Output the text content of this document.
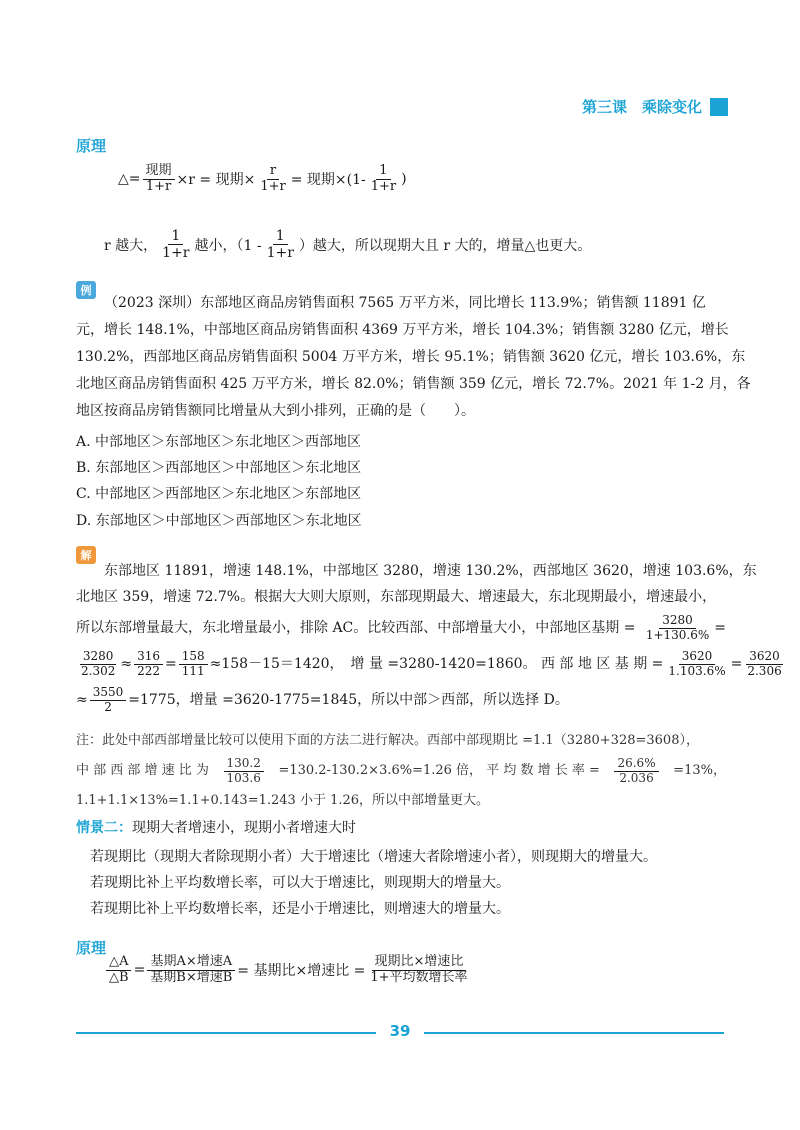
第三课　乘除变化
原理
△= $\frac{\text{现期}}{1+r} \times r$ = 现期× $\frac{r}{1+r}$ = 现期$\times(1- \frac{1}{1+r}$ )
r 越大， $\frac{1}{1+r}$ 越小，（$1 - \frac{1}{1+r}$ ）越大，所以现期大且 r 大的，增量△也更大。
例

（2023 深圳）东部地区商品房销售面积 7565 万平方米，同比增长 113.9%；销售额 11891 亿

元，增长 148.1%，中部地区商品房销售面积 4369 万平方米，增长 104.3%；销售额 3280 亿元，增长

130.2%，西部地区商品房销售面积 5004 万平方米，增长 95.1%；销售额 3620 亿元，增长 103.6%，东

北地区商品房销售面积 425 万平方米，增长 82.0%；销售额 359 亿元，增长 72.7%。2021 年 1-2 月，各

地区按商品房销售额同比增量从大到小排列，正确的是（　　）。

A. 中部地区＞东部地区＞东北地区＞西部地区
B. 东部地区＞西部地区＞中部地区＞东北地区
C. 中部地区＞西部地区＞东北地区＞东部地区
D. 东部地区＞中部地区＞西部地区＞东北地区
解

东部地区 11891，增速 148.1%，中部地区 3280，增速 130.2%，西部地区 3620，增速 103.6%，东

北地区 359，增速 72.7%。根据大大则大原则，东部现期最大、增速最大，东北现期最小，增速最小，

所以东部增量最大，东北增量最小，排除 AC。比较西部、中部增量大小，中部地区基期 = $\frac{3280}{1+130.6\%}$ =

$\frac{3280}{2.302} \approx \frac{316}{222} = \frac{158}{111} \approx 158-15=1420$，　增 量 =3280-1420=1860。 西 部 地 区 基 期 = $\frac{3620}{1.103.6\%} = \frac{3620}{2.306}$

≈ $\frac{3550}{2} =1775$，增量 =3620-1775=1845，所以中部＞西部，所以选择 D。

注：此处中部西部增量比较可以使用下面的方法二进行解决。西部中部现期比 =1.1（3280+328=3608），

中 部 西 部 增 速 比 为 $\frac{130.2}{103.6} =130.2-130.2\times 3.6\%=1.26$ 倍， 平 均 数 增 长 率 = $\frac{26.6\%}{2.036} =13\%$，

1.1+1.1×13%=1.1+0.143=1.243 小于 1.26，所以中部增量更大。

情景二：现期大者增速小，现期小者增速大时
若现期比（现期大者除现期小者）大于增速比（增速大者除增速小者），则现期大的增量大。
若现期比补上平均数增长率，可以大于增速比，则现期大的增量大。
若现期比补上平均数增长率，还是小于增速比，则增速大的增量大。
原理
$\frac{\triangle A}{\triangle B} = \frac{\text{基期A×增速A}}{\text{基期B×增速B}}$ = 基期比×增速比 = $\frac{\text{现期比×增速比}}{\text{1+平均数增长率}}$
39
